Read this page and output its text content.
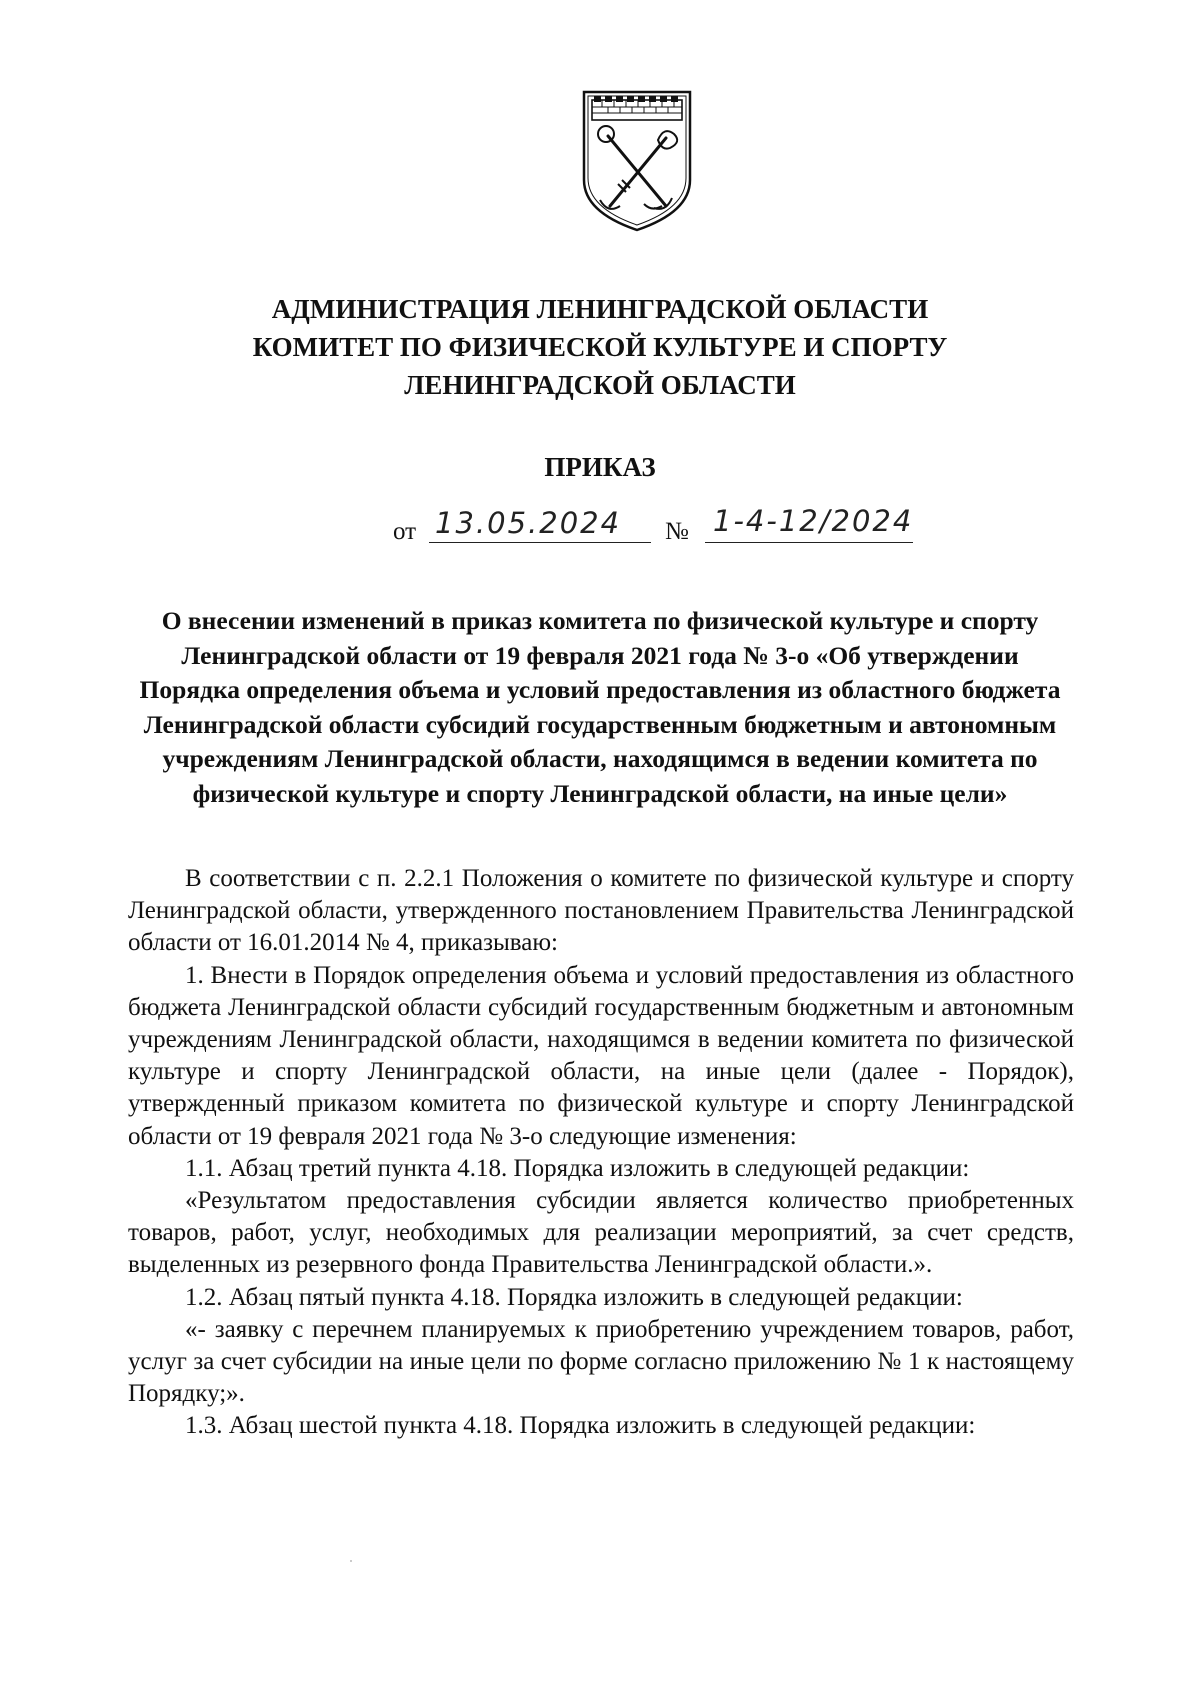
АДМИНИСТРАЦИЯ ЛЕНИНГРАДСКОЙ ОБЛАСТИ
КОМИТЕТ ПО ФИЗИЧЕСКОЙ КУЛЬТУРЕ И СПОРТУ
ЛЕНИНГРАДСКОЙ ОБЛАСТИ
ПРИКАЗ
от 13.05.2024 № 1-4-12/2024
О внесении изменений в приказ комитета по физической культуре и спорту
Ленинградской области от 19 февраля 2021 года № 3-о «Об утверждении
Порядка определения объема и условий предоставления из областного бюджета
Ленинградской области субсидий государственным бюджетным и автономным
учреждениям Ленинградской области, находящимся в ведении комитета по
физической культуре и спорту Ленинградской области, на иные цели»

В соответствии с п. 2.2.1 Положения о комитете по физической культуре и спорту Ленинградской области, утвержденного постановлением Правительства Ленинградской области от 16.01.2014 № 4, приказываю:

1. Внести в Порядок определения объема и условий предоставления из областного бюджета Ленинградской области субсидий государственным бюджетным и автономным учреждениям Ленинградской области, находящимся в ведении комитета по физической культуре и спорту Ленинградской области, на иные цели (далее - Порядок), утвержденный приказом комитета по физической культуре и спорту Ленинградской области от 19 февраля 2021 года № 3-о следующие изменения:

1.1. Абзац третий пункта 4.18. Порядка изложить в следующей редакции:

«Результатом предоставления субсидии является количество приобретенных товаров, работ, услуг, необходимых для реализации мероприятий, за счет средств, выделенных из резервного фонда Правительства Ленинградской области.».

1.2. Абзац пятый пункта 4.18. Порядка изложить в следующей редакции:

«- заявку с перечнем планируемых к приобретению учреждением товаров, работ, услуг за счет субсидии на иные цели по форме согласно приложению № 1 к настоящему Порядку;».

1.3. Абзац шестой пункта 4.18. Порядка изложить в следующей редакции:
